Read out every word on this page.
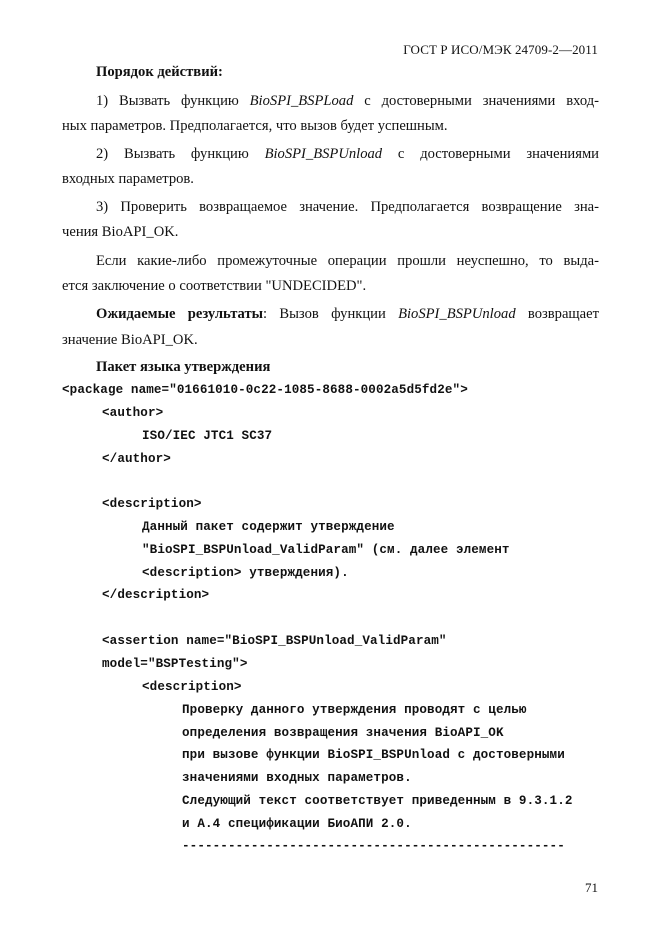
ГОСТ Р ИСО/МЭК 24709-2—2011
Порядок действий:
1) Вызвать функцию BioSPI_BSPLoad с достоверными значениями вход-
ных параметров. Предполагается, что вызов будет успешным.
2) Вызвать функцию BioSPI_BSPUnload с достоверными значениями
входных параметров.
3) Проверить возвращаемое значение. Предполагается возвращение зна-
чения BioAPI_OK.
Если какие-либо промежуточные операции прошли неуспешно, то выда-
ется заключение о соответствии "UNDECIDED".
Ожидаемые результаты: Вызов функции BioSPI_BSPUnload возвращает
значение BioAPI_OK.
Пакет языка утверждения
<package name="01661010-0c22-1085-8688-0002a5d5fd2e">
<author>
ISO/IEC JTC1 SC37
</author>
<description>
Данный пакет содержит утверждение
"BioSPI_BSPUnload_ValidParam" (см. далее элемент
<description> утверждения).
</description>
<assertion name="BioSPI_BSPUnload_ValidParam"
model="BSPTesting">
<description>
Проверку данного утверждения проводят с целью
определения возвращения значения BioAPI_OK
при вызове функции BioSPI_BSPUnload с достоверными
значениями входных параметров.
Следующий текст соответствует приведенным в 9.3.1.2
и А.4 спецификации БиоАПИ 2.0.
--------------------------------------------------
71
